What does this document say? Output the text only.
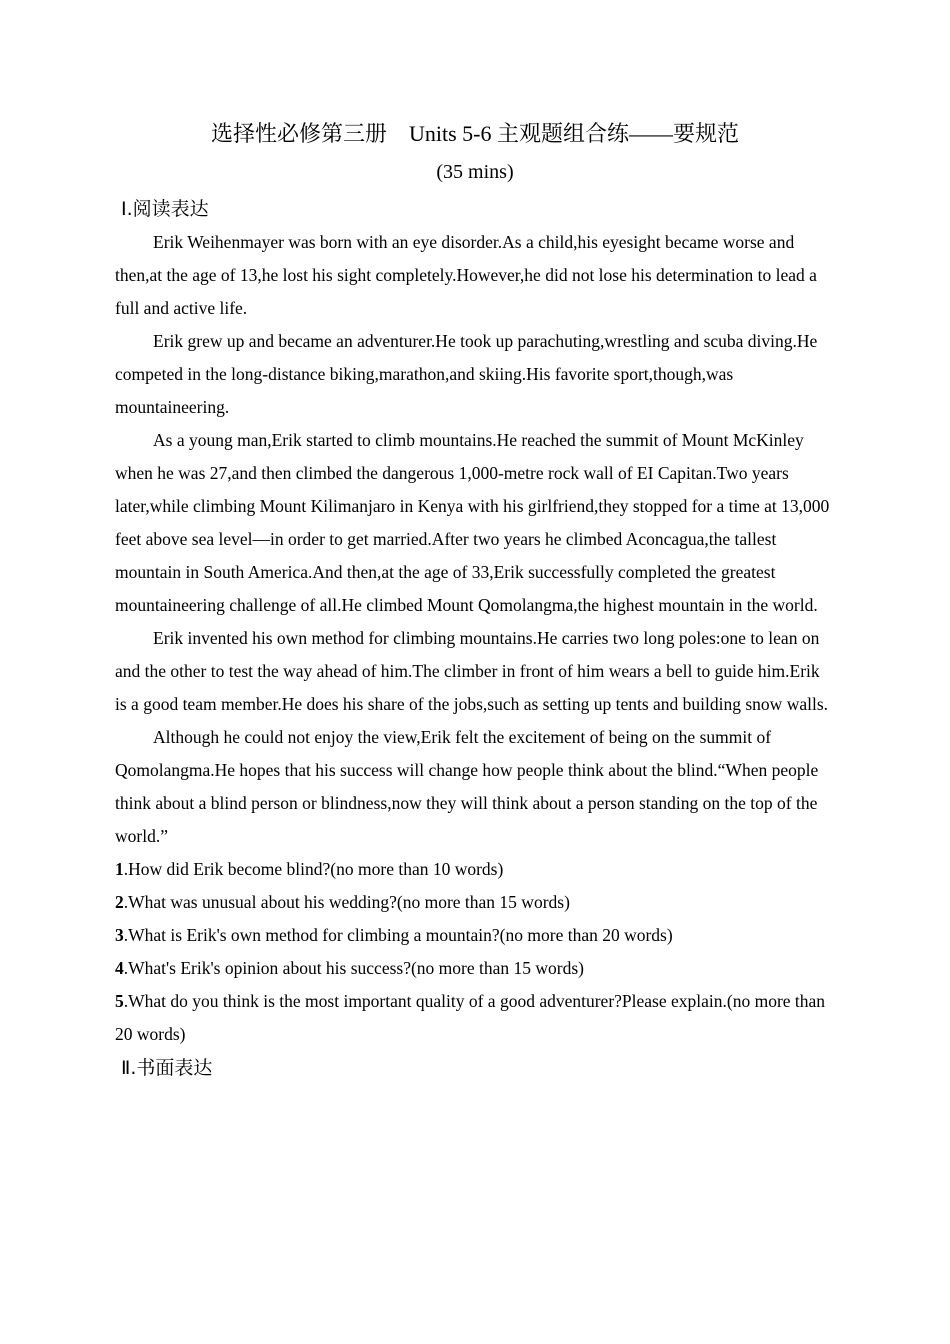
选择性必修第三册　Units 5-6 主观题组合练——要规范
(35 mins)
Ⅰ.阅读表达

Erik Weihenmayer was born with an eye disorder.As a child,his eyesight became worse and then,at the age of 13,he lost his sight completely.However,he did not lose his determination to lead a full and active life.

Erik grew up and became an adventurer.He took up parachuting,wrestling and scuba diving.He competed in the long-distance biking,marathon,and skiing.His favorite sport,though,was mountaineering.

As a young man,Erik started to climb mountains.He reached the summit of Mount McKinley when he was 27,and then climbed the dangerous 1,000-metre rock wall of EI Capitan.Two years later,while climbing Mount Kilimanjaro in Kenya with his girlfriend,they stopped for a time at 13,000 feet above sea level—in order to get married.After two years he climbed Aconcagua,the tallest mountain in South America.And then,at the age of 33,Erik successfully completed the greatest mountaineering challenge of all.He climbed Mount Qomolangma,the highest mountain in the world.

Erik invented his own method for climbing mountains.He carries two long poles:one to lean on and the other to test the way ahead of him.The climber in front of him wears a bell to guide him.Erik is a good team member.He does his share of the jobs,such as setting up tents and building snow walls.

Although he could not enjoy the view,Erik felt the excitement of being on the summit of Qomolangma.He hopes that his success will change how people think about the blind.“When people think about a blind person or blindness,now they will think about a person standing on the top of the world.”

1.How did Erik become blind?(no more than 10 words)

2.What was unusual about his wedding?(no more than 15 words)

3.What is Erik's own method for climbing a mountain?(no more than 20 words)

4.What's Erik's opinion about his success?(no more than 15 words)

5.What do you think is the most important quality of a good adventurer?Please explain.(no more than 20 words)

Ⅱ.书面表达
